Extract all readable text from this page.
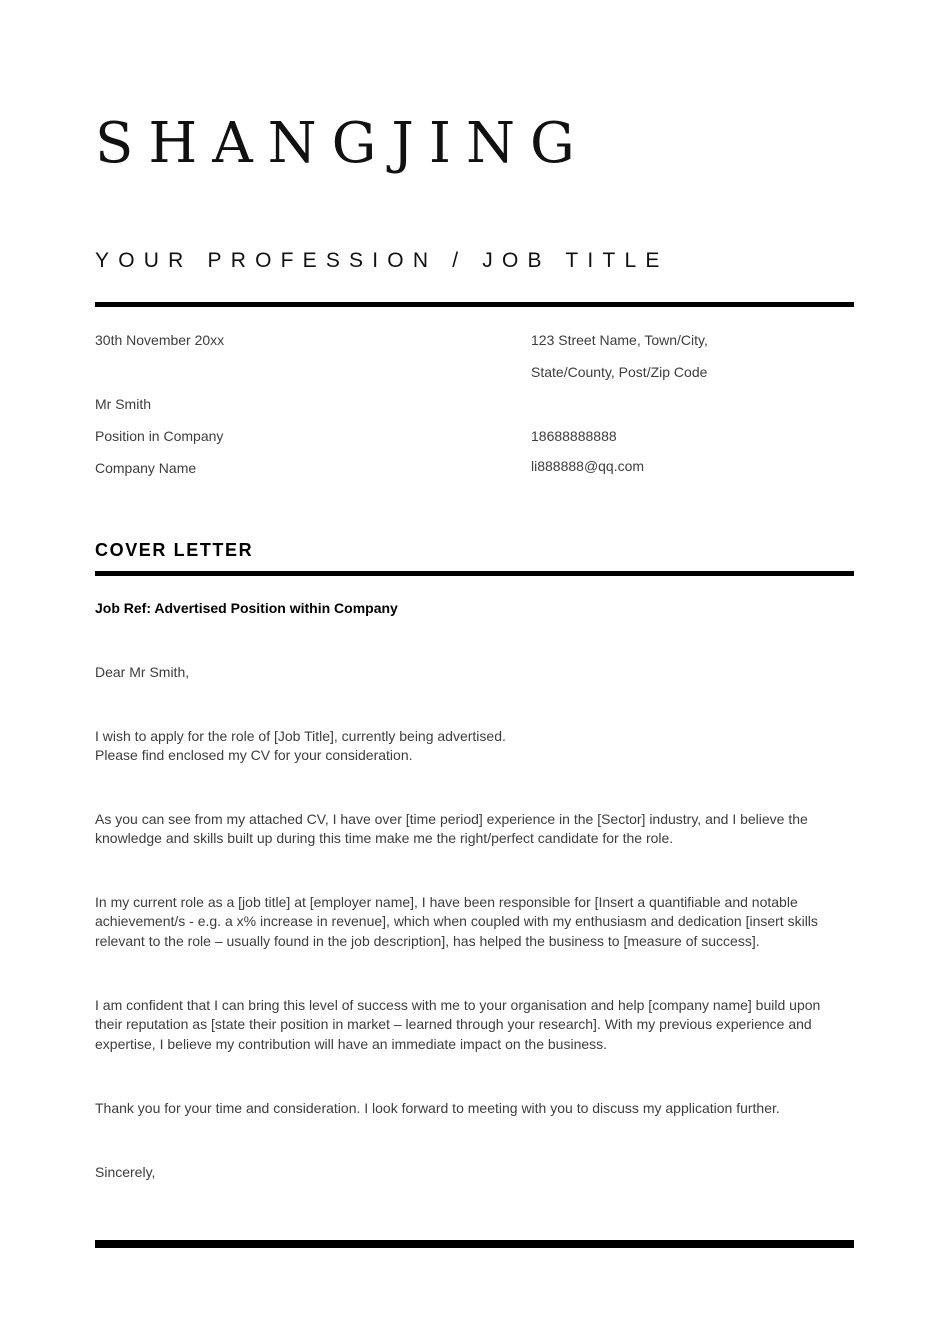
SHANGJING
YOUR PROFESSION / JOB TITLE
30th November 20xx
Mr Smith
Position in Company
Company Name
123 Street Name, Town/City,
State/County, Post/Zip Code
18688888888
li888888@qq.com
COVER LETTER
Job Ref: Advertised Position within Company
Dear Mr Smith,
I wish to apply for the role of [Job Title], currently being advertised.
Please find enclosed my CV for your consideration.
As you can see from my attached CV, I have over [time period] experience in the [Sector] industry, and I believe the knowledge and skills built up during this time make me the right/perfect candidate for the role.
In my current role as a [job title] at [employer name], I have been responsible for [Insert a quantifiable and notable achievement/s - e.g. a x% increase in revenue], which when coupled with my enthusiasm and dedication [insert skills relevant to the role – usually found in the job description], has helped the business to [measure of success].
I am confident that I can bring this level of success with me to your organisation and help [company name] build upon their reputation as [state their position in market – learned through your research]. With my previous experience and expertise, I believe my contribution will have an immediate impact on the business.
Thank you for your time and consideration. I look forward to meeting with you to discuss my application further.
Sincerely,
